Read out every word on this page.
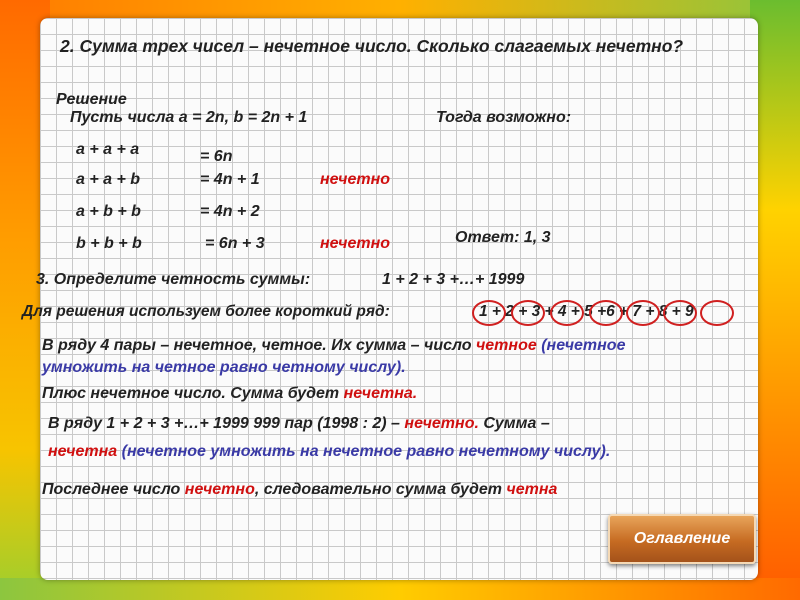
2. Сумма трех чисел – нечетное число. Сколько слагаемых нечетно?
Решение
Пусть числа а = 2n, b = 2n + 1	Тогда возможно:
a + a + a	= 6n
a + a + b	= 4n + 1	нечетно
a + b + b	= 4n + 2
b + b + b	= 6n + 3	нечетно	Ответ: 1, 3
3. Определите четность суммы:	1 + 2 + 3 +…+ 1999
Для решения используем более короткий ряд:	1 + 2 + 3 + 4 + 5 +6 + 7 + 8 + 9
В ряду 4 пары – нечетное, четное. Их сумма – число четное (нечетное
умножить на четное равно четному числу).
Плюс нечетное число. Сумма будет нечетна.
В ряду 1 + 2 + 3 +…+ 1999 999 пар (1998 : 2) – нечетно. Сумма –
нечетна (нечетное умножить на нечетное равно нечетному числу).
Последнее число нечетно, следовательно сумма будет четна
Оглавление
